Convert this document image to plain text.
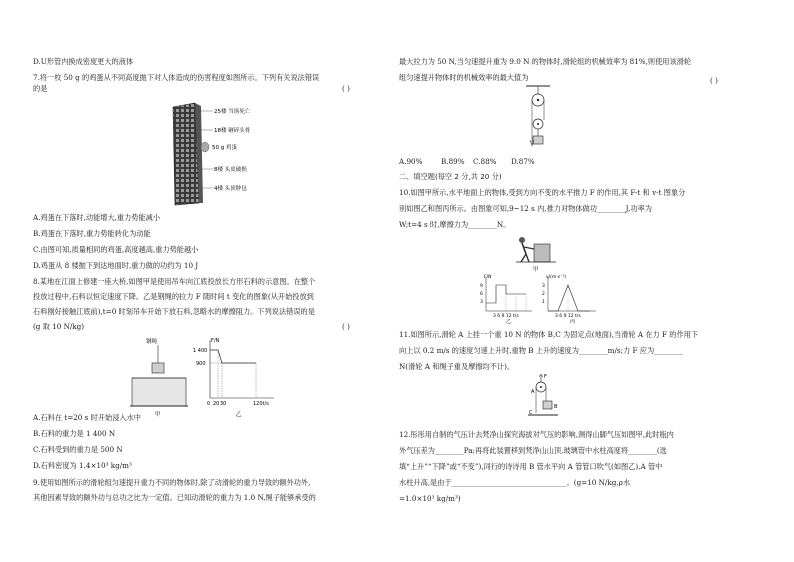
D.U形管内换成密度更大的液体
7.将一枚 50 g 的鸡蛋从不同高度抛下对人体造成的伤害程度如图所示。下列有关说法错误
的是	( )
25楼 当场死亡
18楼 砸碎头骨
50 g 鸡蛋
8楼 头皮破损
4楼 头顶肿包
A.鸡蛋在下落时,动能增大,重力势能减小
B.鸡蛋在下落时,重力势能转化为动能
C.由图可知,质量相同的鸡蛋,高度越高,重力势能越小
D.鸡蛋从 8 楼抛下到达地面时,重力做的功约为 10 J
8.某地在江面上修建一座大桥,如图甲是使用吊车向江底投放长方形石料的示意图。在整个
投放过程中,石料以恒定速度下降。乙是钢绳的拉力 F 随时间 t 变化的图象(从开始投放到
石料刚好接触江底前),t=0 时刻吊车开始下放石料,忽略水的摩擦阻力。下列说法错误的是
(g 取 10 N/kg)	( )
钢绳
甲
F/N
1 400
900
0 20 30	120t/s
乙
A.石料在 t=20 s 时开始浸入水中
B.石料的重力是 1 400 N
C.石料受到的重力是 500 N
D.石料密度为 1.4×10³ kg/m³
9.使用如图所示的滑轮组匀速提升重力不同的物体时,除了动滑轮的重力导致的额外功外,
其他因素导致的额外功与总功之比为一定值。已知动滑轮的重力为 1.0 N,绳子能够承受的
最大拉力为 50 N,当匀速提升重为 9.0 N 的物体时,滑轮组的机械效率为 81%,则使用该滑轮
组匀速提升物体时的机械效率的最大值为	( )
A.90%	B.89% C.88% D.87%
二、填空题(每空 2 分,共 20 分)
10.如图甲所示,水平地面上的物体,受到方向不变的水平推力 F 的作用,其 F-t 和 v-t 图象分
别如图乙和图丙所示。由图象可知,9~12 s 内,推力对物体做功________J,功率为
W;t=4 s 时,摩擦力为________N。
甲
F/N
9
6
3
3 6 9 12 t/s
乙
v/(m·s⁻¹)
3
2
1
3 6 9 12 t/s
丙
11.如图所示,滑轮 A 上挂一个重 10 N 的物体 B,C 为固定点(地面),当滑轮 A 在力 F 的作用下
向上以 0.2 m/s 的速度匀速上升时,重物 B 上升的速度为________m/s;力 F 应为________
N(滑轮 A 和绳子重及摩擦均不计)。
F
A
B
C
12.彤彤用自制的气压计去梵净山探究海拔对气压的影响,测得山脚气压如图甲,此时瓶内
外气压差为________Pa;再将此装置移到梵净山山顶,玻璃管中水柱高度将________(选
填“上升”“下降”或“不变”),同行的诗诗用 B 管水平向 A 管管口吹气(如图乙),A 管中
水柱升高,是由于________________________________。(g=10 N/kg,ρ水
=1.0×10³ kg/m³)
